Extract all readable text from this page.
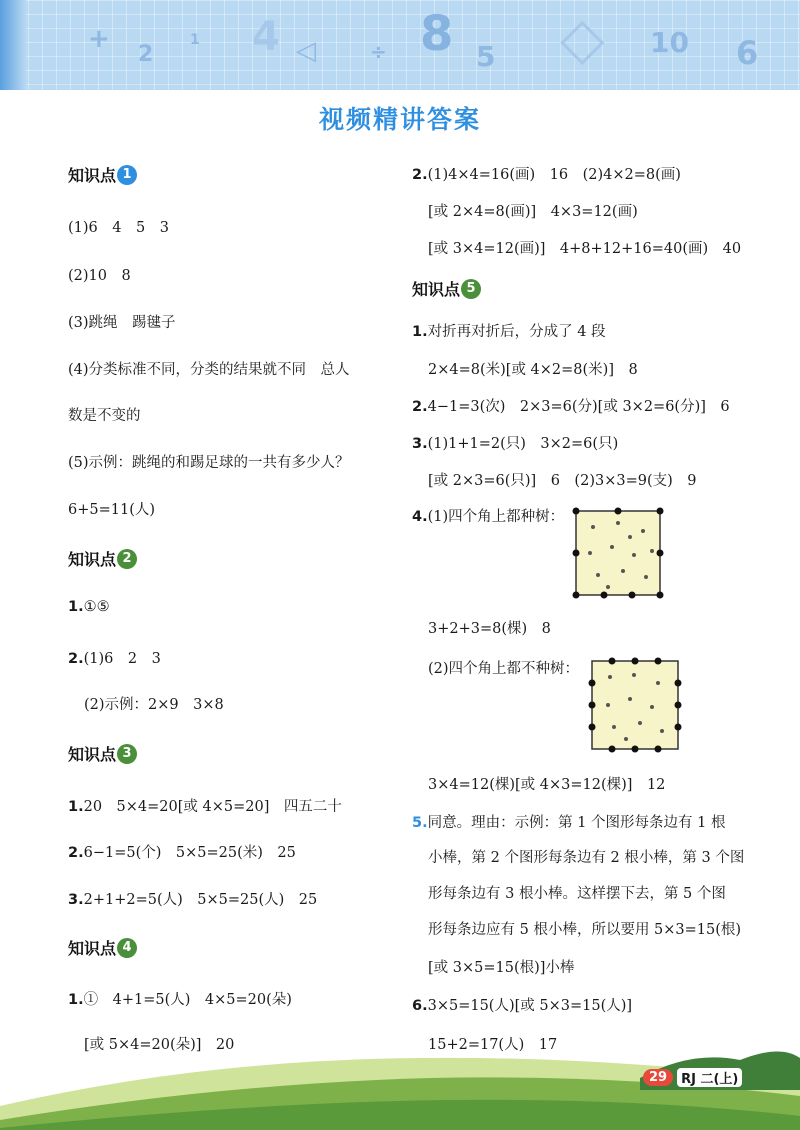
+
2
1 4 ◁	÷ 8 5 ◇ 10 6
视频精讲答案
知识点 1
(1)6　4　5　3
(2)10　8
(3)跳绳　踢毽子
(4)分类标准不同，分类的结果就不同　总人
数是不变的
(5)示例：跳绳的和踢足球的一共有多少人？
6+5=11(人)
知识点 2
1.①⑤
2.(1)6　2　3
(2)示例：2×9　3×8
知识点 3
1.20　5×4=20[或 4×5=20]　四五二十
2.6−1=5(个)　5×5=25(米)　25
3.2+1+2=5(人)　5×5=25(人)　25
知识点 4
1.①　4+1=5(人)　4×5=20(朵)
[或 5×4=20(朵)]　20
2.(1)4×4=16(画)　16　(2)4×2=8(画)
[或 2×4=8(画)]　4×3=12(画)
[或 3×4=12(画)]　4+8+12+16=40(画)　40
知识点 5
1.对折再对折后，分成了 4 段
2×4=8(米)[或 4×2=8(米)]　8
2.4−1=3(次)　2×3=6(分)[或 3×2=6(分)]　6
3.(1)1+1=2(只)　3×2=6(只)
[或 2×3=6(只)]　6　(2)3×3=9(支)　9
4.(1)四个角上都种树：
3+2+3=8(棵)　8
(2)四个角上都不种树：
3×4=12(棵)[或 4×3=12(棵)]　12
5.同意。理由：示例：第 1 个图形每条边有 1 根
小棒，第 2 个图形每条边有 2 根小棒，第 3 个图
形每条边有 3 根小棒。这样摆下去，第 5 个图
形每条边应有 5 根小棒，所以要用 5×3=15(根)
[或 3×5=15(根)]小棒
6.3×5=15(人)[或 5×3=15(人)]
15+2=17(人)　17
29	RJ 二(上)
